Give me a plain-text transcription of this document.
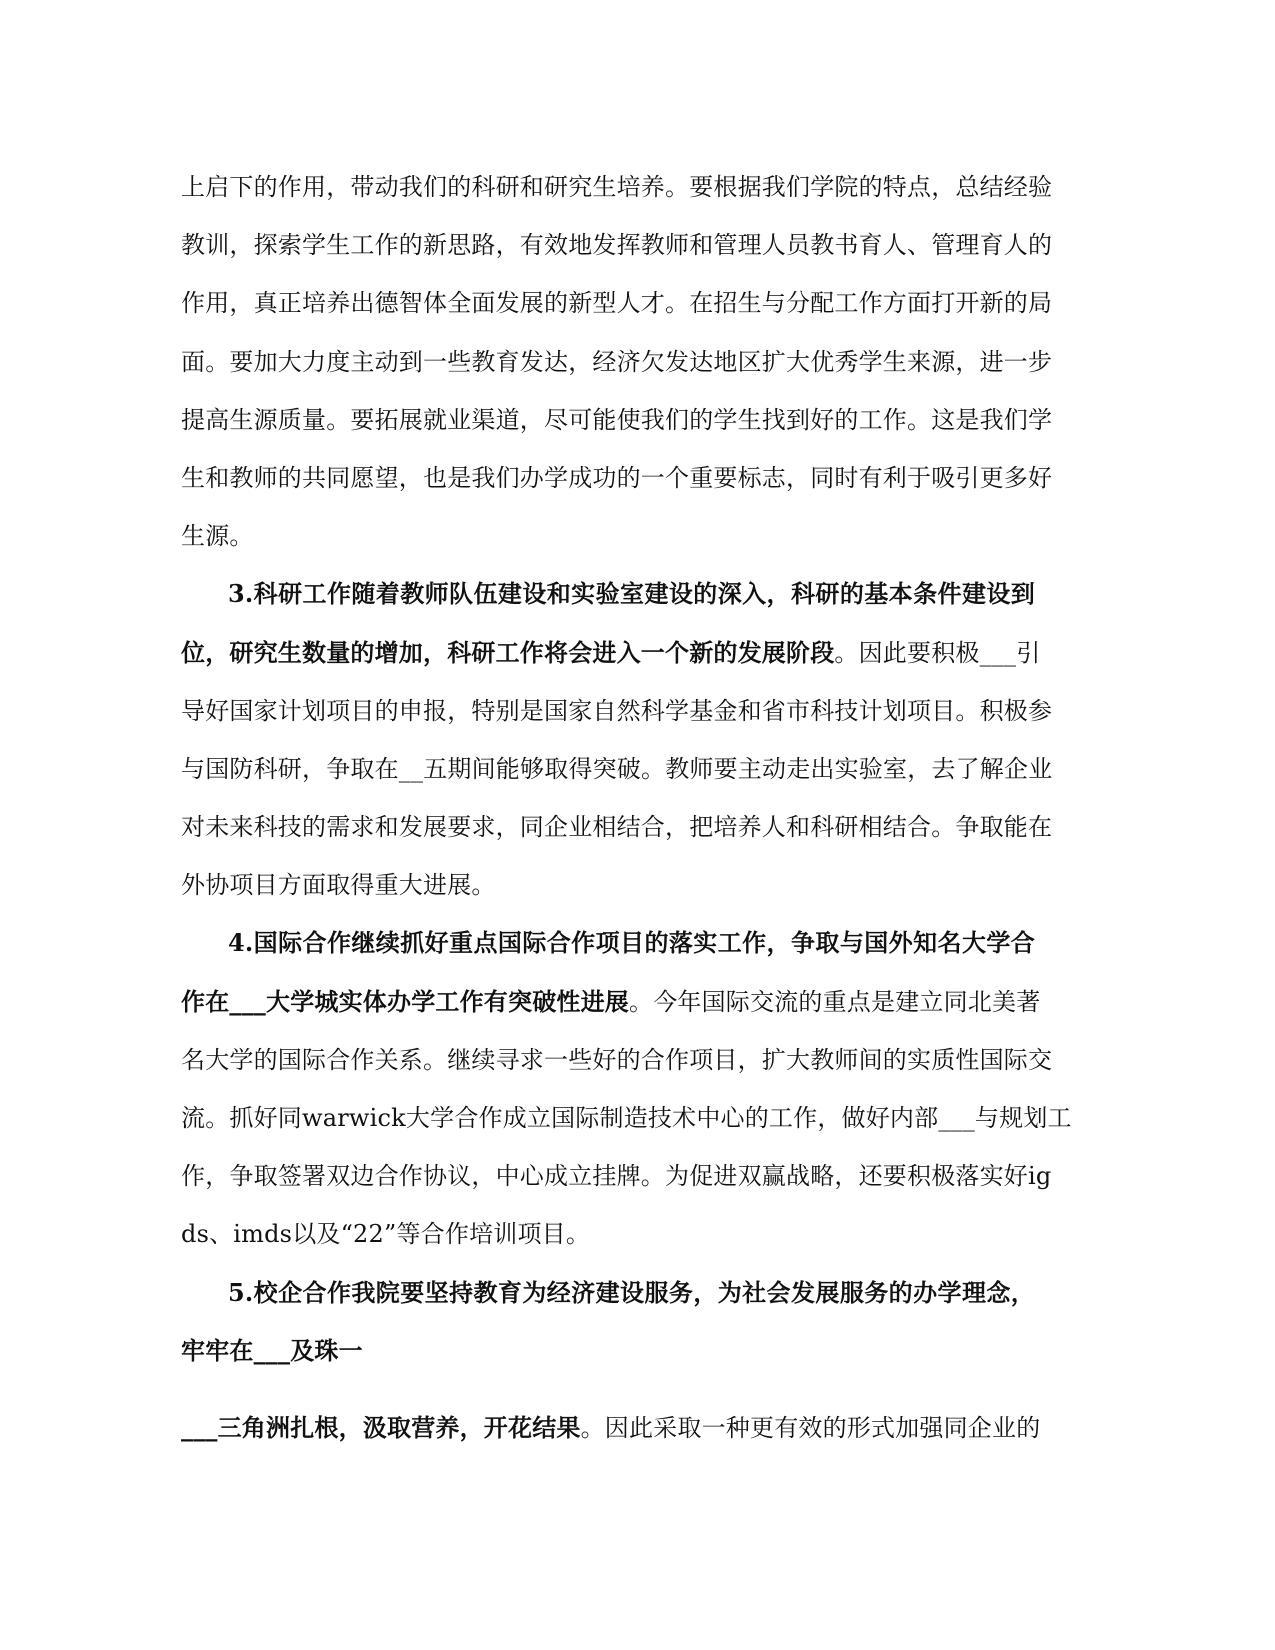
上启下的作用，带动我们的科研和研究生培养。要根据我们学院的特点，总结经验
教训，探索学生工作的新思路，有效地发挥教师和管理人员教书育人、管理育人的
作用，真正培养出德智体全面发展的新型人才。在招生与分配工作方面打开新的局
面。要加大力度主动到一些教育发达，经济欠发达地区扩大优秀学生来源，进一步
提高生源质量。要拓展就业渠道，尽可能使我们的学生找到好的工作。这是我们学
生和教师的共同愿望，也是我们办学成功的一个重要标志，同时有利于吸引更多好
生源。
3.科研工作随着教师队伍建设和实验室建设的深入，科研的基本条件建设到
位，研究生数量的增加，科研工作将会进入一个新的发展阶段。因此要积极___引
导好国家计划项目的申报，特别是国家自然科学基金和省市科技计划项目。积极参
与国防科研，争取在__五期间能够取得突破。教师要主动走出实验室，去了解企业
对未来科技的需求和发展要求，同企业相结合，把培养人和科研相结合。争取能在
外协项目方面取得重大进展。
4.国际合作继续抓好重点国际合作项目的落实工作，争取与国外知名大学合
作在___大学城实体办学工作有突破性进展。今年国际交流的重点是建立同北美著
名大学的国际合作关系。继续寻求一些好的合作项目，扩大教师间的实质性国际交
流。抓好同warwick大学合作成立国际制造技术中心的工作，做好内部___与规划工
作，争取签署双边合作协议，中心成立挂牌。为促进双赢战略，还要积极落实好ig
ds、imds以及“22”等合作培训项目。
5.校企合作我院要坚持教育为经济建设服务，为社会发展服务的办学理念，
牢牢在___及珠一
___三角洲扎根，汲取营养，开花结果。因此采取一种更有效的形式加强同企业的
